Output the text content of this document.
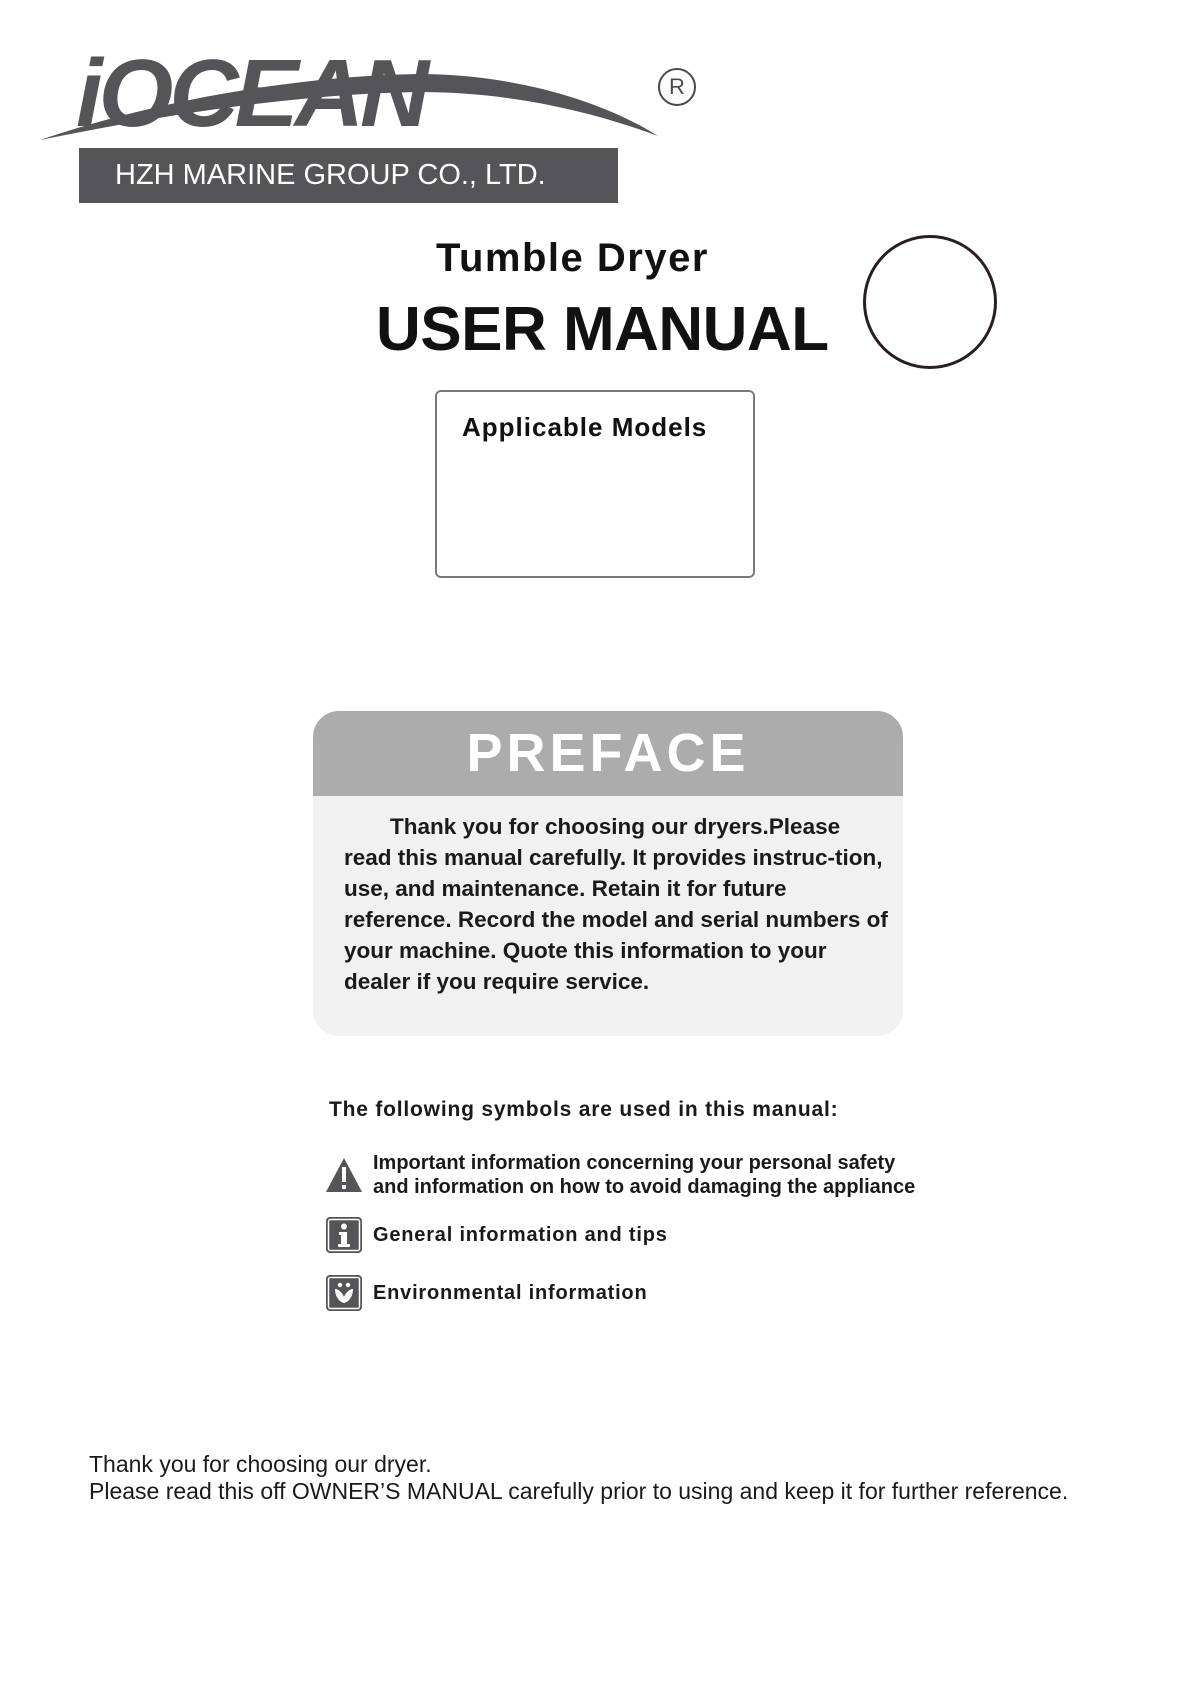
iOCEAN	R
HZH MARINE GROUP CO., LTD.
Tumble Dryer
USER MANUAL
Applicable Models
PREFACE
Thank you for choosing our dryers.Please read this manual carefully. It provides instruc-tion, use, and maintenance. Retain it for future reference. Record the model and serial numbers of your machine. Quote this information to your dealer if you require service.
The following symbols are used in this manual:
Important information concerning your personal safety
and information on how to avoid damaging the appliance
General information and tips
Environmental information
Thank you for choosing our dryer.
Please read this off OWNER’S MANUAL carefully prior to using and keep it for further reference.
